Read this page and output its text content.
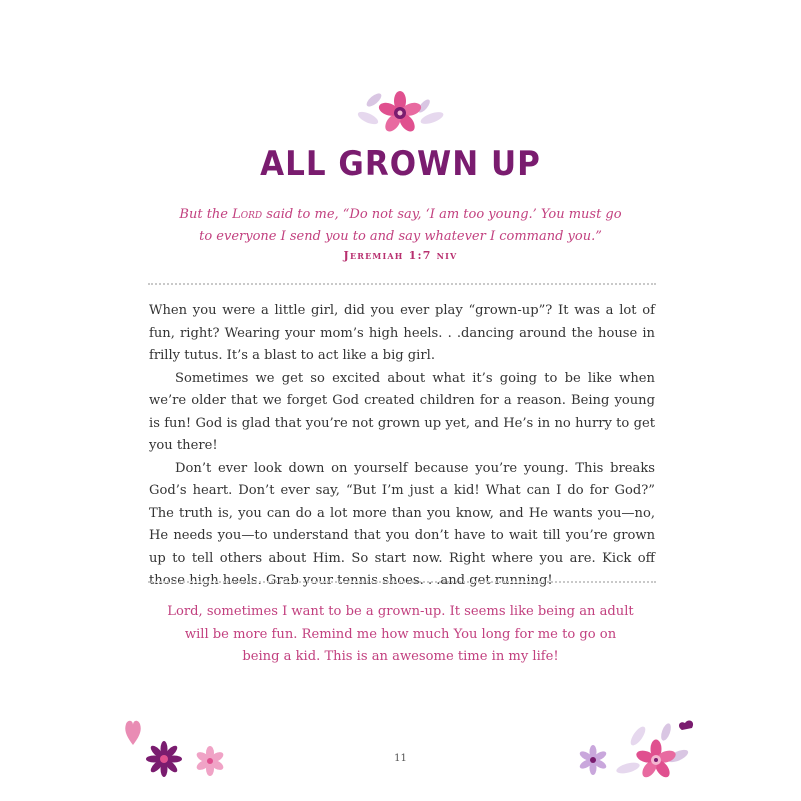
ALL GROWN UP
But the Lord said to me, “Do not say, ‘I am too young.’ You must go
to everyone I send you to and say whatever I command you.”
Jeremiah 1:7 niv

When you were a little girl, did you ever play “grown-up”? It was a lot of fun, right? Wearing your mom’s high heels. . .dancing around the house in frilly tutus. It’s a blast to act like a big girl.

Sometimes we get so excited about what it’s going to be like when we’re older that we forget God created children for a reason. Being young is fun! God is glad that you’re not grown up yet, and He’s in no hurry to get you there!

Don’t ever look down on yourself because you’re young. This breaks God’s heart. Don’t ever say, “But I’m just a kid! What can I do for God?” The truth is, you can do a lot more than you know, and He wants you—no, He needs you—to understand that you don’t have to wait till you’re grown up to tell others about Him. So start now. Right where you are. Kick off those high heels. Grab your tennis shoes. . .and get running!

Lord, sometimes I want to be a grown-up. It seems like being an adult
will be more fun. Remind me how much You long for me to go on
being a kid. This is an awesome time in my life!
11
